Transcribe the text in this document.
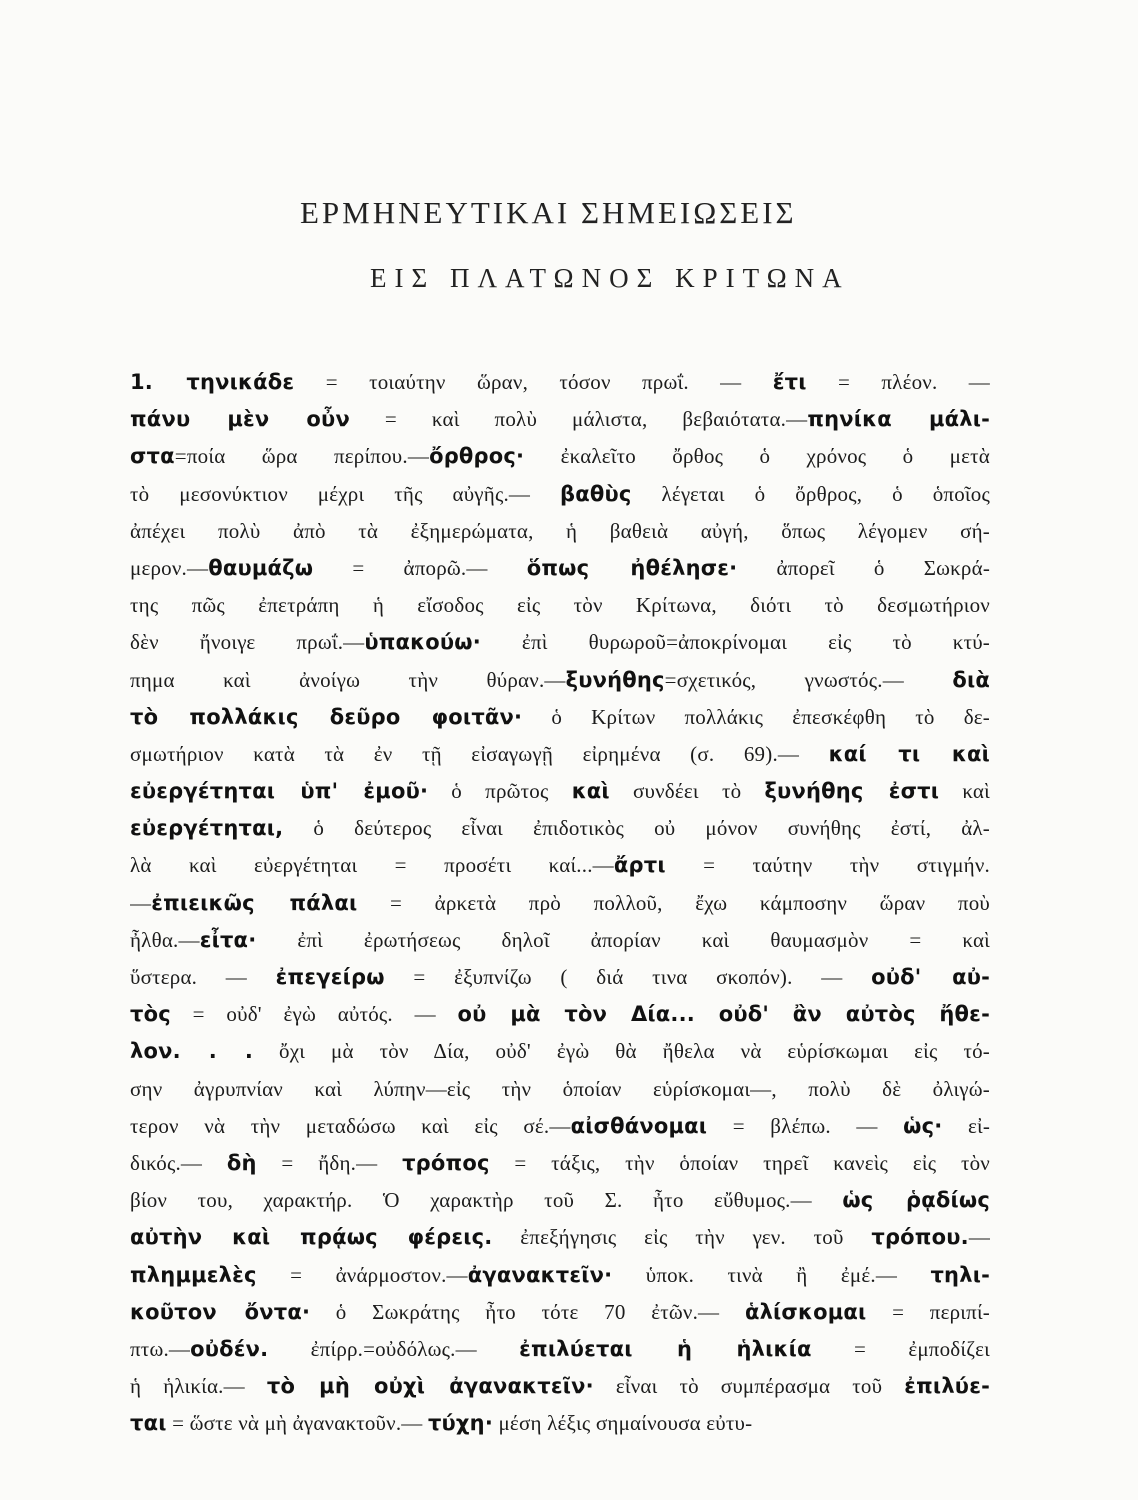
ΕΡΜΗΝΕΥΤΙΚΑΙ ΣΗΜΕΙΩΣΕΙΣ
ΕΙΣ ΠΛΑΤΩΝΟΣ ΚΡΙΤΩΝΑ
1. τηνικάδε = τοιαύτην ὥραν, τόσον πρωΐ. — ἔτι = πλέον. —
πάνυ μὲν οὖν = καὶ πολὺ μάλιστα, βεβαιότατα.—πηνίκα μάλι-
στα=ποία ὥρα περίπου.—ὄρθρος· ἐκαλεῖτο ὄρθος ὁ χρόνος ὁ μετὰ
τὸ μεσονύκτιον μέχρι τῆς αὐγῆς.— βαθὺς λέγεται ὁ ὄρθρος, ὁ ὁποῖος
ἀπέχει πολὺ ἀπὸ τὰ ἐξημερώματα, ἡ βαθειὰ αὐγή, ὅπως λέγομεν σή-
μερον.—θαυμάζω = ἀπορῶ.— ὅπως ἠθέλησε· ἀπορεῖ ὁ Σωκρά-
της πῶς ἐπετράπη ἡ εἴσοδος εἰς τὸν Κρίτωνα, διότι τὸ δεσμωτήριον
δὲν ἤνοιγε πρωΐ.—ὑπακούω· ἐπὶ θυρωροῦ=ἀποκρίνομαι εἰς τὸ κτύ-
πημα καὶ ἀνοίγω τὴν θύραν.—ξυνήθης=σχετικός, γνωστός.— διὰ
τὸ πολλάκις δεῦρο φοιτᾶν· ὁ Κρίτων πολλάκις ἐπεσκέφθη τὸ δε-
σμωτήριον κατὰ τὰ ἐν τῇ εἰσαγωγῇ εἰρημένα (σ. 69).— καί τι καὶ
εὐεργέτηται ὑπ' ἐμοῦ· ὁ πρῶτος καὶ συνδέει τὸ ξυνήθης ἐστι καὶ
εὐεργέτηται, ὁ δεύτερος εἶναι ἐπιδοτικὸς οὐ μόνον συνήθης ἐστί, ἀλ-
λὰ καὶ εὐεργέτηται = προσέτι καί...—ἄρτι = ταύτην τὴν στιγμήν.
—ἐπιεικῶς πάλαι = ἀρκετὰ πρὸ πολλοῦ, ἔχω κάμποσην ὥραν ποὺ
ἦλθα.—εἶτα· ἐπὶ ἐρωτήσεως δηλοῖ ἀπορίαν καὶ θαυμασμὸν = καὶ
ὕστερα. — ἐπεγείρω = ἐξυπνίζω ( διά τινα σκοπόν). — οὐδ' αὐ-
τὸς = οὐδ' ἐγὼ αὐτός. — οὐ μὰ τὸν Δία... οὐδ' ἂν αὐτὸς ἤθε-
λον. . . ὄχι μὰ τὸν Δία, οὐδ' ἐγὼ θὰ ἤθελα νὰ εὑρίσκωμαι εἰς τό-
σην ἀγρυπνίαν καὶ λύπην—εἰς τὴν ὁποίαν εὑρίσκομαι—, πολὺ δὲ ὀλιγώ-
τερον νὰ τὴν μεταδώσω καὶ εἰς σέ.—αἰσθάνομαι = βλέπω. — ὡς· εἰ-
δικός.— δὴ = ἤδη.— τρόπος = τάξις, τὴν ὁποίαν τηρεῖ κανεὶς εἰς τὸν
βίον του, χαρακτήρ. Ὁ χαρακτὴρ τοῦ Σ. ἦτο εὔθυμος.— ὡς ῥᾳδίως
αὐτὴν καὶ πρᾴως φέρεις. ἐπεξήγησις εἰς τὴν γεν. τοῦ τρόπου.—
πλημμελὲς = ἀνάρμοστον.—ἀγανακτεῖν· ὑποκ. τινὰ ἢ ἐμέ.— τηλι-
κοῦτον ὄντα· ὁ Σωκράτης ἦτο τότε 70 ἐτῶν.— ἁλίσκομαι = περιπί-
πτω.—οὐδέν. ἐπίρρ.=οὐδόλως.— ἐπιλύεται ἡ ἡλικία = ἐμποδίζει
ἡ ἡλικία.— τὸ μὴ οὐχὶ ἀγανακτεῖν· εἶναι τὸ συμπέρασμα τοῦ ἐπιλύε-
ται = ὥστε νὰ μὴ ἀγανακτοῦν.— τύχη· μέση λέξις σημαίνουσα εὐτυ-
